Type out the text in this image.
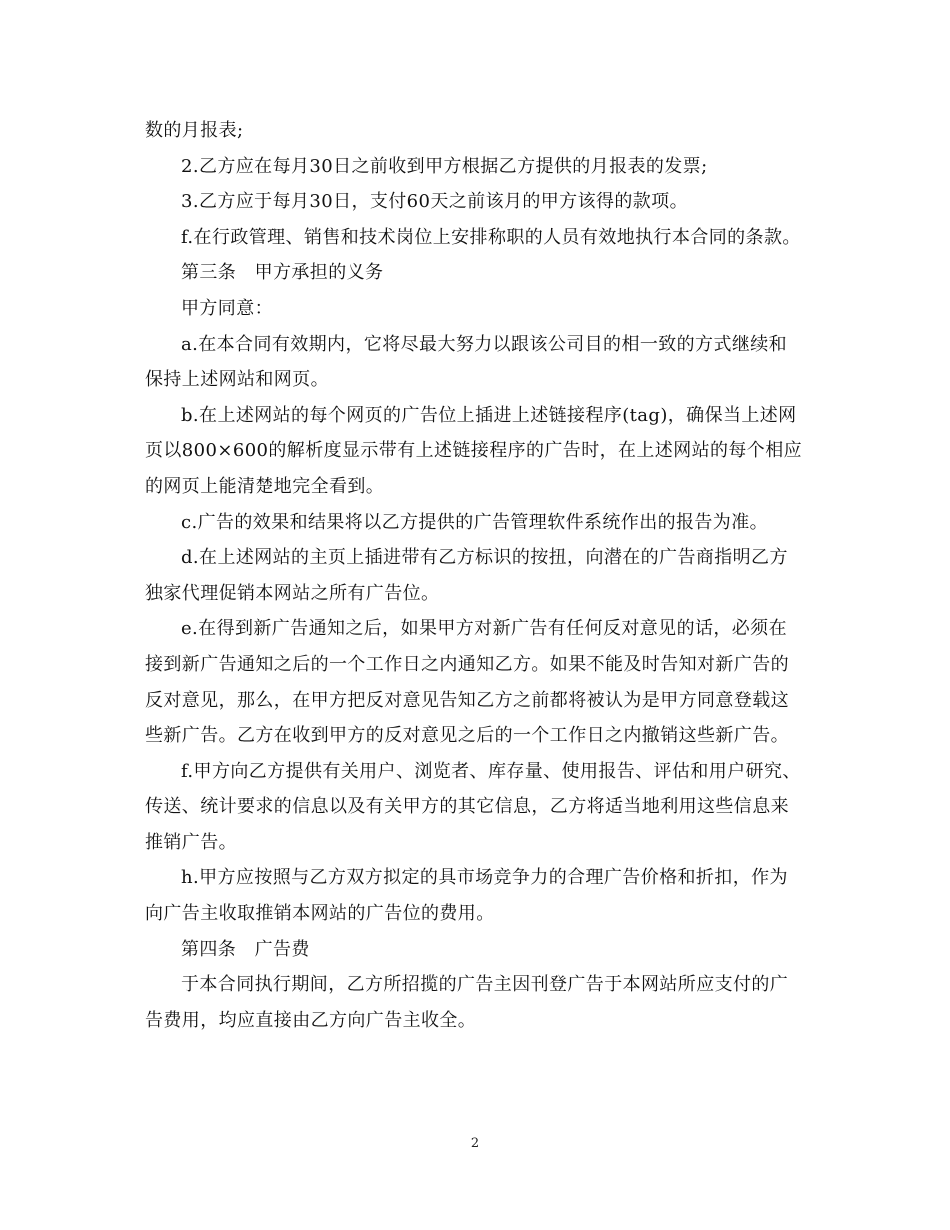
数的月报表;

2.乙方应在每月30日之前收到甲方根据乙方提供的月报表的发票;

3.乙方应于每月30日，支付60天之前该月的甲方该得的款项。

f.在行政管理、销售和技术岗位上安排称职的人员有效地执行本合同的条款。

第三条　甲方承担的义务

甲方同意：

a.在本合同有效期内，它将尽最大努力以跟该公司目的相一致的方式继续和保持上述网站和网页。

b.在上述网站的每个网页的广告位上插进上述链接程序(tag)，确保当上述网页以800×600的解析度显示带有上述链接程序的广告时，在上述网站的每个相应的网页上能清楚地完全看到。

c.广告的效果和结果将以乙方提供的广告管理软件系统作出的报告为准。

d.在上述网站的主页上插进带有乙方标识的按扭，向潜在的广告商指明乙方独家代理促销本网站之所有广告位。

e.在得到新广告通知之后，如果甲方对新广告有任何反对意见的话，必须在接到新广告通知之后的一个工作日之内通知乙方。如果不能及时告知对新广告的反对意见，那么，在甲方把反对意见告知乙方之前都将被认为是甲方同意登载这些新广告。乙方在收到甲方的反对意见之后的一个工作日之内撤销这些新广告。

f.甲方向乙方提供有关用户、浏览者、库存量、使用报告、评估和用户研究、传送、统计要求的信息以及有关甲方的其它信息，乙方将适当地利用这些信息来推销广告。

h.甲方应按照与乙方双方拟定的具市场竞争力的合理广告价格和折扣，作为向广告主收取推销本网站的广告位的费用。

第四条　广告费

于本合同执行期间，乙方所招揽的广告主因刊登广告于本网站所应支付的广告费用，均应直接由乙方向广告主收全。

2
